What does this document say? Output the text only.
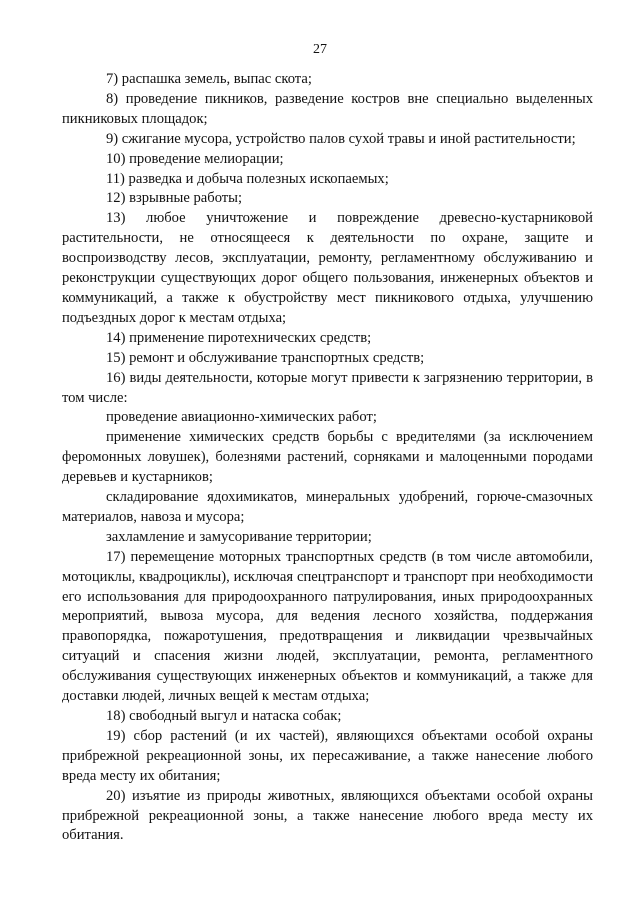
27

7) распашка земель, выпас скота;

8) проведение пикников, разведение костров вне специально выделенных пикниковых площадок;

9) сжигание мусора, устройство палов сухой травы и иной растительности;

10) проведение мелиорации;

11) разведка и добыча полезных ископаемых;

12) взрывные работы;

13) любое уничтожение и повреждение древесно-кустарниковой растительности, не относящееся к деятельности по охране, защите и воспроизводству лесов, эксплуатации, ремонту, регламентному обслуживанию и реконструкции существующих дорог общего пользования, инженерных объектов и коммуникаций, а также к обустройству мест пикникового отдыха, улучшению подъездных дорог к местам отдыха;

14) применение пиротехнических средств;

15) ремонт и обслуживание транспортных средств;

16) виды деятельности, которые могут привести к загрязнению территории, в том числе:

проведение авиационно-химических работ;

применение химических средств борьбы с вредителями (за исключением феромонных ловушек), болезнями растений, сорняками и малоценными породами деревьев и кустарников;

складирование ядохимикатов, минеральных удобрений, горюче-смазочных материалов, навоза и мусора;

захламление и замусоривание территории;

17) перемещение моторных транспортных средств (в том числе автомобили, мотоциклы, квадроциклы), исключая спецтранспорт и транспорт при необходимости его использования для природоохранного патрулирования, иных природоохранных мероприятий, вывоза мусора, для ведения лесного хозяйства, поддержания правопорядка, пожаротушения, предотвращения и ликвидации чрезвычайных ситуаций и спасения жизни людей, эксплуатации, ремонта, регламентного обслуживания существующих инженерных объектов и коммуникаций, а также для доставки людей, личных вещей к местам отдыха;

18) свободный выгул и натаска собак;

19) сбор растений (и их частей), являющихся объектами особой охраны прибрежной рекреационной зоны, их пересаживание, а также нанесение любого вреда месту их обитания;

20) изъятие из природы животных, являющихся объектами особой охраны прибрежной рекреационной зоны, а также нанесение любого вреда месту их обитания.
